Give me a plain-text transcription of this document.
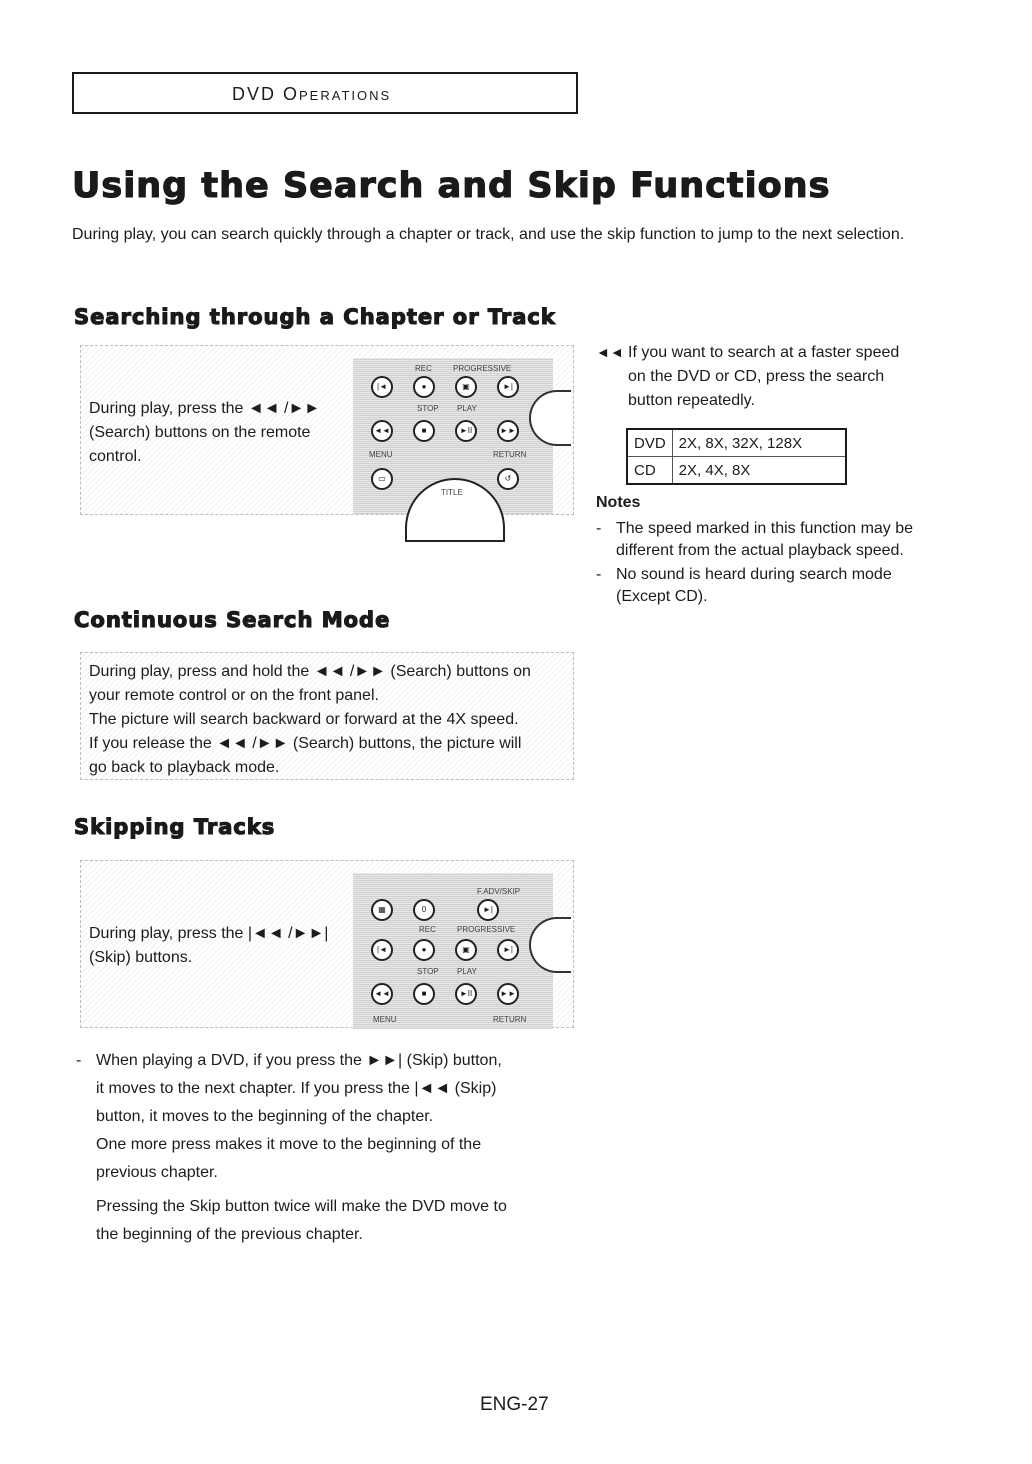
DVD Operations
Using the Search and Skip Functions
During play, you can search quickly through a chapter or track, and use the skip function to jump to the next selection.
Searching through a Chapter or Track
During play, press the ◄◄ /►►
(Search) buttons on the remote
control.
REC	PROGRESSIVE
|◄	●	▣	►|
STOP PLAY
◄◄	■	►II	►►
MENU	RETURN
▭	↺
TITLE
◄◄ If you want to search at a faster speed
on the DVD or CD, press the search
button repeatedly.
DVD	2X, 8X, 32X, 128X
CD	2X, 4X, 8X
Notes
- The speed marked in this function may be
different from the actual playback speed.
- No sound is heard during search mode
(Except CD).
Continuous Search Mode
During play, press and hold the ◄◄ /►► (Search) buttons on
your remote control or on the front panel.
The picture will search backward or forward at the 4X speed.
If you release the ◄◄ /►► (Search) buttons, the picture will
go back to playback mode.
Skipping Tracks
During play, press the |◄◄ /►►|
(Skip) buttons.
F.ADV/SKIP
▦	0	►|
REC	PROGRESSIVE
|◄	●	▣	►|
STOP PLAY
◄◄	■	►II	►►
MENU	RETURN
- When playing a DVD, if you press the ►►| (Skip) button,
it moves to the next chapter. If you press the |◄◄ (Skip)
button, it moves to the beginning of the chapter.
One more press makes it move to the beginning of the
previous chapter.
Pressing the Skip button twice will make the DVD move to
the beginning of the previous chapter.
ENG-27
